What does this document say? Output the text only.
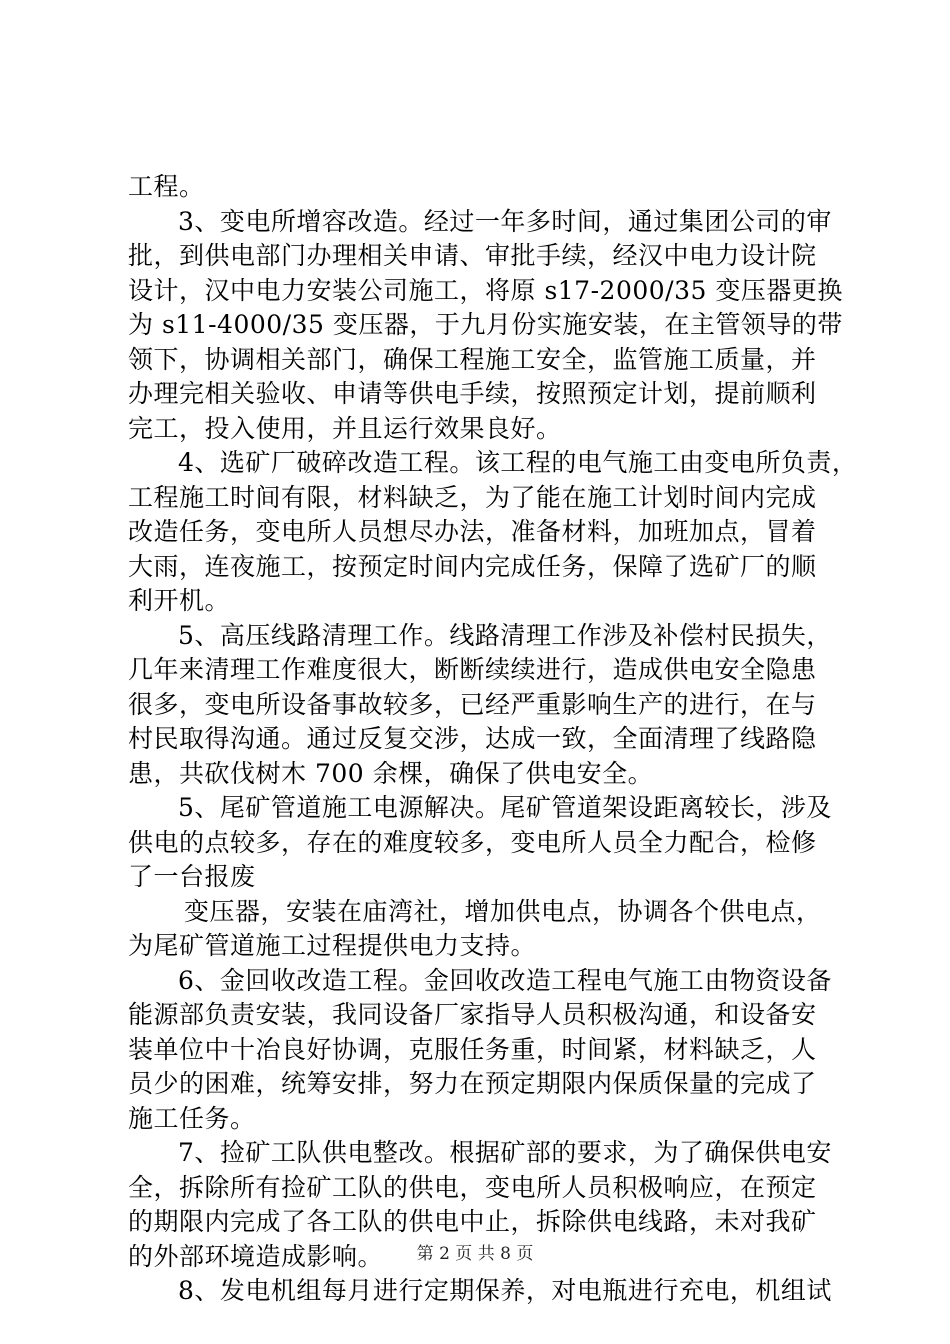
工程。
3、变电所增容改造。经过一年多时间，通过集团公司的审
批，到供电部门办理相关申请、审批手续，经汉中电力设计院
设计，汉中电力安装公司施工，将原 s17-2000/35 变压器更换
为 s11-4000/35 变压器，于九月份实施安装，在主管领导的带
领下，协调相关部门，确保工程施工安全，监管施工质量，并
办理完相关验收、申请等供电手续，按照预定计划，提前顺利
完工，投入使用，并且运行效果良好。
4、选矿厂破碎改造工程。该工程的电气施工由变电所负责，
工程施工时间有限，材料缺乏，为了能在施工计划时间内完成
改造任务，变电所人员想尽办法，准备材料，加班加点，冒着
大雨，连夜施工，按预定时间内完成任务，保障了选矿厂的顺
利开机。
5、高压线路清理工作。线路清理工作涉及补偿村民损失，
几年来清理工作难度很大，断断续续进行，造成供电安全隐患
很多，变电所设备事故较多，已经严重影响生产的进行，在与
村民取得沟通。通过反复交涉，达成一致，全面清理了线路隐
患，共砍伐树木 700 余棵，确保了供电安全。
5、尾矿管道施工电源解决。尾矿管道架设距离较长，涉及
供电的点较多，存在的难度较多，变电所人员全力配合，检修
了一台报废
变压器，安装在庙湾社，增加供电点，协调各个供电点，
为尾矿管道施工过程提供电力支持。
6、金回收改造工程。金回收改造工程电气施工由物资设备
能源部负责安装，我同设备厂家指导人员积极沟通，和设备安
装单位中十冶良好协调，克服任务重，时间紧，材料缺乏，人
员少的困难，统筹安排，努力在预定期限内保质保量的完成了
施工任务。
7、捡矿工队供电整改。根据矿部的要求，为了确保供电安
全，拆除所有捡矿工队的供电，变电所人员积极响应，在预定
的期限内完成了各工队的供电中止，拆除供电线路，未对我矿
的外部环境造成影响。
8、发电机组每月进行定期保养，对电瓶进行充电，机组试
第 2 页 共 8 页
